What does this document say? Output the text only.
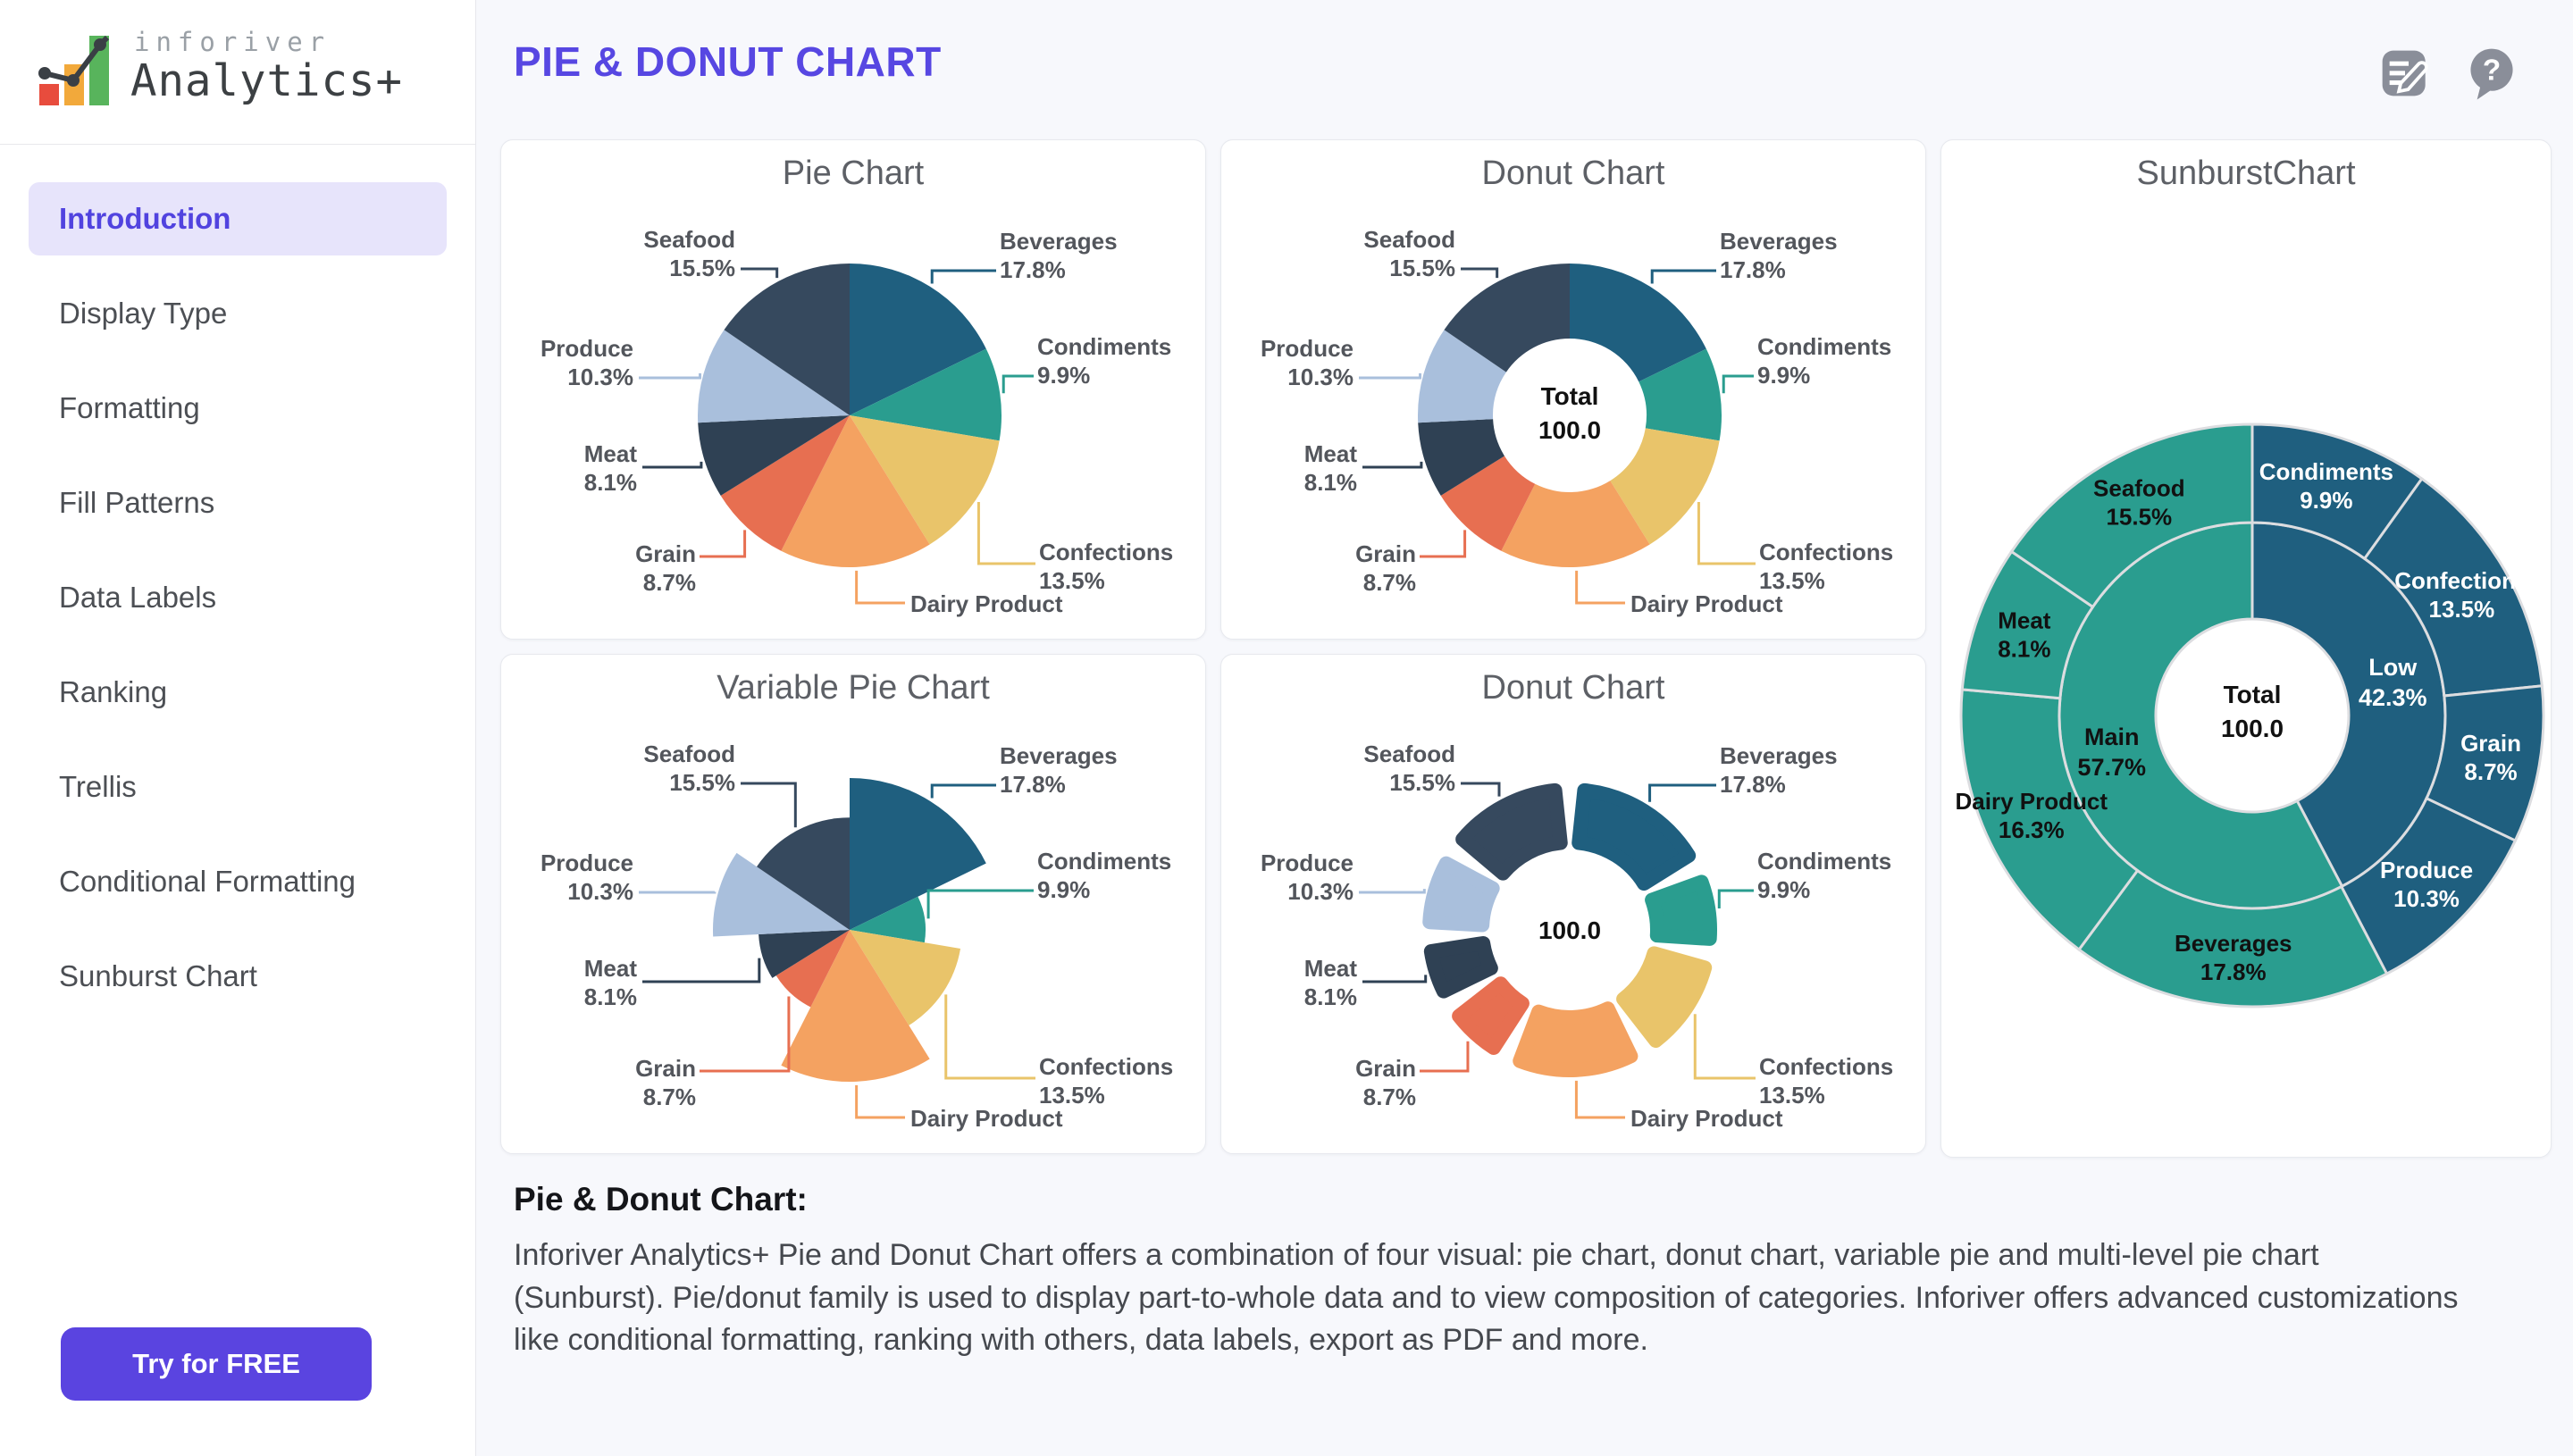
inforiver
Analytics+
Introduction
Display Type
Formatting
Fill Patterns
Data Labels
Ranking
Trellis
Conditional Formatting
Sunburst Chart
Try for FREE
PIE & DONUT CHART	?
Pie Chart
Beverages
17.8%
Condiments
9.9%
Confections
13.5%
Dairy Product
Grain
8.7%
Meat
8.1%
Produce
10.3%
Seafood
15.5%
Donut Chart
Beverages
17.8%
Condiments
9.9%
Confections
13.5%
Dairy Product
Grain
8.7%
Meat
8.1%
Produce
10.3%
Seafood
15.5%
Total
100.0
SunburstChart
Low
42.3%
Main
57.7%
Condiments
9.9%
Confections
13.5%
Grain
8.7%
Produce
10.3%
Beverages
17.8%
Dairy Product
16.3%
Meat
8.1%
Seafood
15.5%
Total
100.0
Variable Pie Chart
Beverages
17.8%
Condiments
9.9%
Confections
13.5%
Dairy Product
Grain
8.7%
Meat
8.1%
Produce
10.3%
Seafood
15.5%
Donut Chart
Beverages
17.8%
Condiments
9.9%
Confections
13.5%
Dairy Product
Grain
8.7%
Meat
8.1%
Produce
10.3%
Seafood
15.5%
100.0
Pie & Donut Chart:

Inforiver Analytics+ Pie and Donut Chart offers a combination of four visual: pie chart, donut chart, variable pie and multi-level pie chart (Sunburst). Pie/donut family is used to display part-to-whole data and to view composition of categories. Inforiver offers advanced customizations like conditional formatting, ranking with others, data labels, export as PDF and more.
